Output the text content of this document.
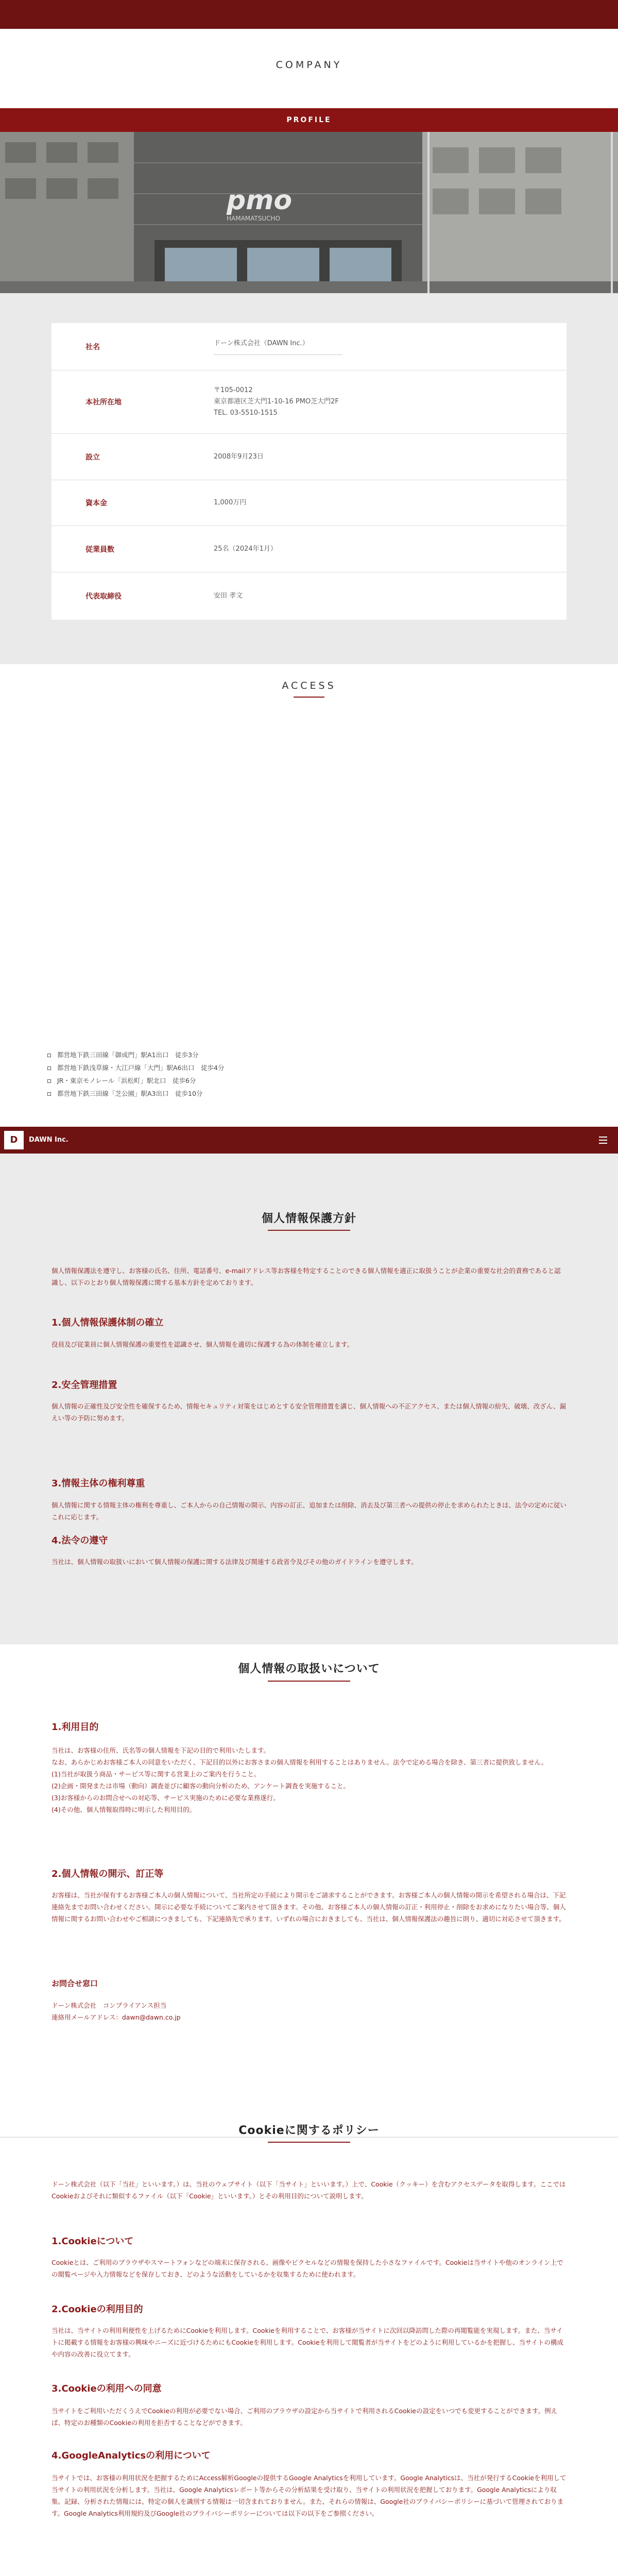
COMPANY
PROFILE
pmo
HAMAMATSUCHO
社名	ドーン株式会社（DAWN Inc.）
本社所在地
〒105-0012
東京都港区芝大門1-10-16 PMO芝大門2F
TEL. 03-5510-1515
設立	2008年9月23日
資本金	1,000万円
従業員数	25名（2024年1月）
代表取締役	安田 孝文
ACCESS
都営地下鉄三田線「御成門」駅A1出口　徒歩3分
都営地下鉄浅草線・大江戸線「大門」駅A6出口　徒歩4分
JR・東京モノレール「浜松町」駅北口　徒歩6分
都営地下鉄三田線「芝公園」駅A3出口　徒歩10分
D	DAWN Inc.
個人情報保護方針
個人情報保護法を遵守し、お客様の氏名、住所、電話番号、e-mailアドレス等お客様を特定することのできる個人情報を適正に取扱うことが企業の重要な社会的責務であると認識し、以下のとおり個人情報保護に関する基本方針を定めております。
1.個人情報保護体制の確立
役員及び従業員に個人情報保護の重要性を認識させ、個人情報を適切に保護する為の体制を確立します。
2.安全管理措置
個人情報の正確性及び安全性を確保するため、情報セキュリティ対策をはじめとする安全管理措置を講じ、個人情報への不正アクセス、または個人情報の紛失、破壊、改ざん、漏えい等の予防に努めます。
3.情報主体の権利尊重
個人情報に関する情報主体の権利を尊重し、ご本人からの自己情報の開示、内容の訂正、追加または削除、消去及び第三者への提供の停止を求められたときは、法令の定めに従いこれに応じます。
4.法令の遵守
当社は、個人情報の取扱いにおいて個人情報の保護に関する法律及び関連する政省令及びその他のガイドラインを遵守します。
個人情報の取扱いについて
1.利用目的
当社は、お客様の住所、氏名等の個人情報を下記の目的で利用いたします。
なお、あらかじめお客様ご本人の同意をいただく、下記目的以外にお客さまの個人情報を利用することはありません。法令で定める場合を除き、第三者に提供致しません。
(1)当社が取扱う商品・サービス等に関する営業上のご案内を行うこと。
(2)企画・開発または市場（動向）調査並びに顧客の動向分析のため、アンケート調査を実施すること。
(3)お客様からのお問合せへの対応等、サービス実施のために必要な業務遂行。
(4)その他、個人情報取得時に明示した利用目的。
2.個人情報の開示、訂正等
お客様は、当社が保有するお客様ご本人の個人情報について、当社所定の手続により開示をご請求することができます。お客様ご本人の個人情報の開示を希望される場合は、下記連絡先までお問い合わせください。開示に必要な手続についてご案内させて頂きます。その他、お客様ご本人の個人情報の訂正・利用停止・削除をお求めになりたい場合等、個人情報に関するお問い合わせやご相談につきましても、下記連絡先で承ります。いずれの場合におきましても、当社は、個人情報保護法の趣旨に則り、適切に対応させて頂きます。
お問合せ窓口
ドーン株式会社　コンプライアンス担当
連絡用メールアドレス：dawn@dawn.co.jp
Cookieに関するポリシー
ドーン株式会社（以下「当社」といいます。）は、当社のウェブサイト（以下「当サイト」といいます。）上で、Cookie（クッキー）を含むアクセスデータを取得します。ここではCookieおよびそれに類似するファイル（以下「Cookie」といいます。）とその利用目的について説明します。
1.Cookieについて
Cookieとは、ご利用のブラウザやスマートフォンなどの端末に保存される、画像やピクセルなどの情報を保持した小さなファイルです。Cookieは当サイトや他のオンライン上での閲覧ページや入力情報などを保存しておき、どのような活動をしているかを収集するために使われます。
2.Cookieの利用目的
当社は、当サイトの利用利便性を上げるためにCookieを利用します。Cookieを利用することで、お客様が当サイトに次回以降訪問した際の再閲覧能を実現します。また、当サイトに掲載する情報をお客様の興味やニーズに近づけるためにもCookieを利用します。Cookieを利用して閲覧者が当サイトをどのように利用しているかを把握し、当サイトの構成や内容の改善に役立てます。
3.Cookieの利用への同意
当サイトをご利用いただくうえでCookieの利用が必要でない場合、ご利用のブラウザの設定から当サイトで利用されるCookieの設定をいつでも変更することができます。例えば、特定のお種類のCookieの利用を拒否することなどができます。
4.GoogleAnalyticsの利用について
当サイトでは、お客様の利用状況を把握するためにAccess解析Googleの提供するGoogle Analyticsを利用しています。Google Analyticsは、当社が発行するCookieを利用して当サイトの利用状況を分析します。当社は、Google Analyticsレポート等からその分析結果を受け取り、当サイトの利用状況を把握しております。Google Analyticsにより収集、記録、分析された情報には、特定の個人を識別する情報は一切含まれておりません。また、それらの情報は、Google社のプライバシーポリシーに基づいて管理されております。Google Analytics利用規約及びGoogle社のプライバシーポリシーについては以下の以下をご参照ください。
